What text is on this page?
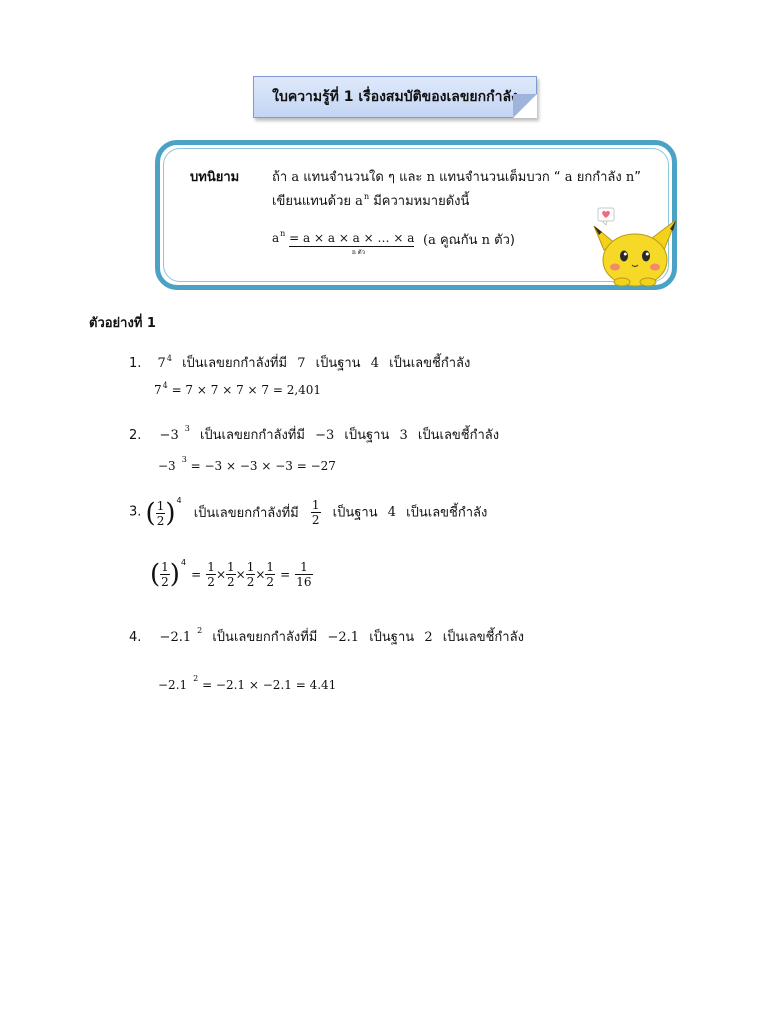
ใบความรู้ที่ 1 เรื่องสมบัติของเลขยกกำลัง
บทนิยาม	ถ้า a แทนจำนวนใด ๆ และ n แทนจำนวนเต็มบวก “ a ยกกำลัง n”
เขียนแทนด้วย $a^n$ มีความหมายดังนี้
$a^n = a \times a \times a$ × … × a
n ตัว
(a คูณกัน n ตัว)
ตัวอย่างที่ 1
1. $7^4$ เป็นเลขยกกำลังที่มี 7 เป็นฐาน 4 เป็นเลขชี้กำลัง
$7^4 = 7 \times 7 \times 7 \times 7 = 2,401$
2. −3 $^3$ เป็นเลขยกกำลังที่มี −3 เป็นฐาน 3 เป็นเลขชี้กำลัง
−3 $^3$ = −3 × −3 × −3 = −27
3. ( $\frac{1}{2} )^4$ เป็นเลขยกกำลังที่มี $\frac{1}{2}$ เป็นฐาน 4 เป็นเลขชี้กำลัง
( $\frac{1}{2} )^4 = \frac{1}{2} \times \frac{1}{2} \times \frac{1}{2} \times \frac{1}{2} = \frac{1}{16}$
4. −2.1 $^2$ เป็นเลขยกกำลังที่มี −2.1 เป็นฐาน 2 เป็นเลขชี้กำลัง
−2.1 $^2$ = −2.1 × −2.1 = 4.41
